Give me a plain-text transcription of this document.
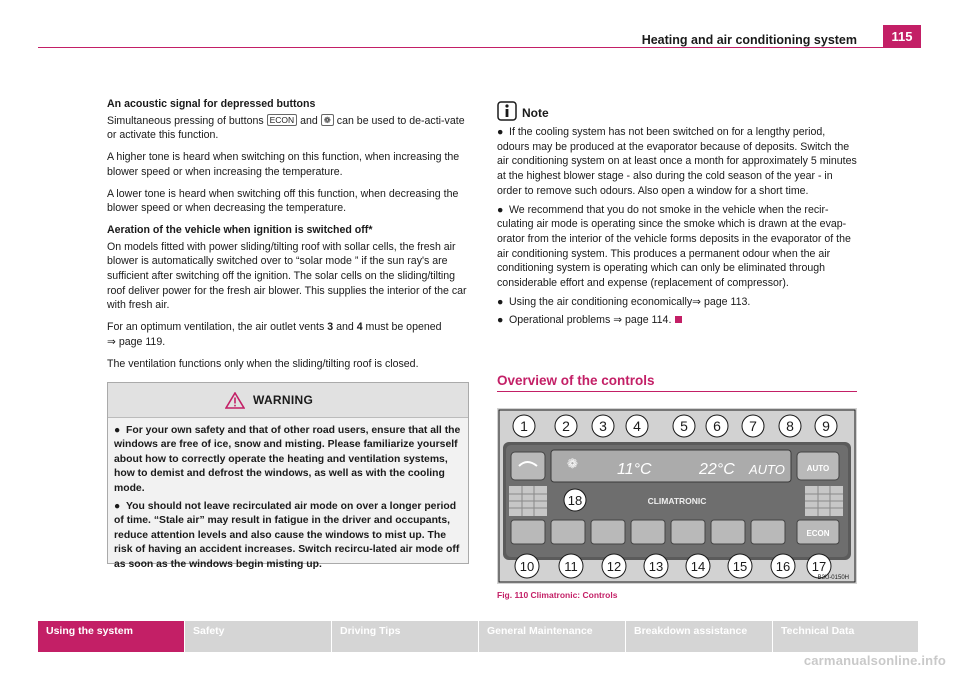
Heating and air conditioning system	115

An acoustic signal for depressed buttons

Simultaneous pressing of buttons ECON and ❁ can be used to de-acti-vate or activate this function.

A higher tone is heard when switching on this function, when increasing the blower speed or when increasing the temperature.

A lower tone is heard when switching off this function, when decreasing the blower speed or when decreasing the temperature.

Aeration of the vehicle when ignition is switched off*

On models fitted with power sliding/tilting roof with sollar cells, the fresh air blower is automatically switched over to “solar mode ” if the sun ray's are sufficient after switching off the ignition. The solar cells on the sliding/tilting roof deliver power for the fresh air blower. This supplies the interior of the car with fresh air.

For an optimum ventilation, the air outlet vents 3 and 4 must be opened
⇒ page 119.

The ventilation functions only when the sliding/tilting roof is closed.

WARNING

● For your own safety and that of other road users, ensure that all the windows are free of ice, snow and misting. Please familiarize yourself about how to correctly operate the heating and ventilation systems, how to demist and defrost the windows, as well as with the cooling mode.

● You should not leave recirculated air mode on over a longer period of time. “Stale air” may result in fatigue in the driver and occupants, reduce attention levels and also cause the windows to mist up. The risk of having an accident increases. Switch recircu-lated air mode off as soon as the windows begin misting up.

Note

● If the cooling system has not been switched on for a lengthy period, odours may be produced at the evaporator because of deposits. Switch the air conditioning system on at least once a month for approximately 5 minutes at the highest blower stage - also during the cold season of the year - in order to remove such odours. Also open a window for a short time.

● We recommend that you do not smoke in the vehicle when the recir-culating air mode is operating since the smoke which is drawn at the evap-orator from the interior of the vehicle forms deposits in the evaporator of the air conditioning system. This produces a permanent odour when the air conditioning system is operating which can only be eliminated through considerable effort and expense (replacement of compressor).

● Using the air conditioning economically⇒ page 113.

● Operational problems ⇒ page 114.

Overview of the controls
11°C	22°C AUTO
❁	AUTO
CLIMATRONIC
ECON
1 2 3 4	5 6 7 8 9
18
10 11 12 13 14 15 16 17
B3U-0150H
Fig. 110 Climatronic: Controls
Using the system	Safety	Driving Tips	General Maintenance	Breakdown assistance	Technical Data
carmanualsonline.info
